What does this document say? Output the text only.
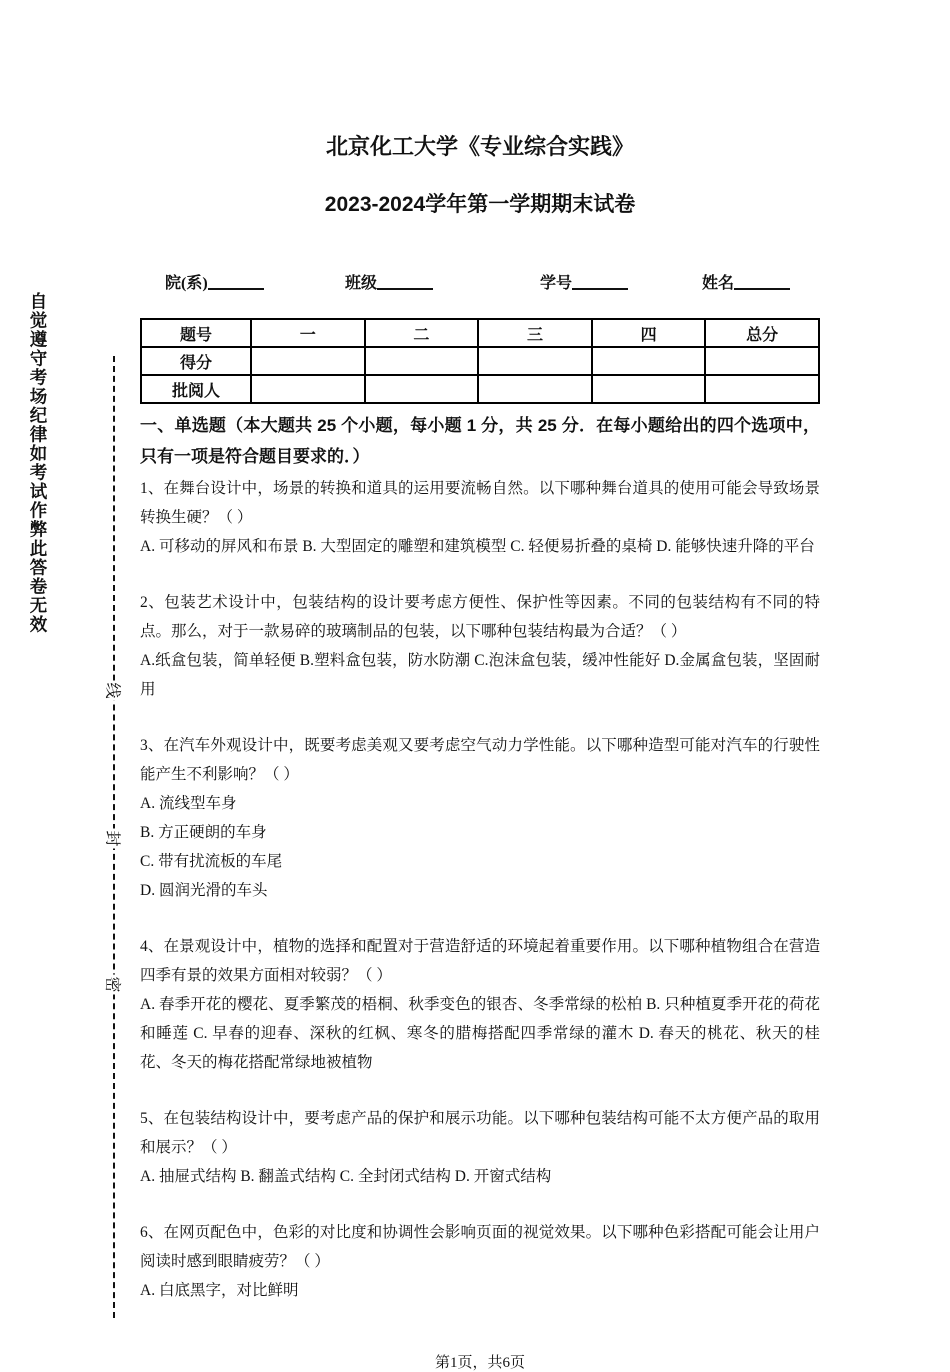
自觉遵守考场纪律如考试作弊此答卷无效
线
封
密
北京化工大学《专业综合实践》
2023-2024学年第一学期期末试卷
院(系)	班级	学号	姓名
题号	一	二	三	四	总分
得分					
批阅人					

一、单选题（本大题共 25 个小题，每小题 1 分，共 25 分．在每小题给出的四个选项中，只有一项是符合题目要求的．）

1、在舞台设计中，场景的转换和道具的运用要流畅自然。以下哪种舞台道具的使用可能会导致场景转换生硬？（ ）

A. 可移动的屏风和布景 B. 大型固定的雕塑和建筑模型 C. 轻便易折叠的桌椅 D. 能够快速升降的平台

2、包装艺术设计中，包装结构的设计要考虑方便性、保护性等因素。不同的包装结构有不同的特点。那么，对于一款易碎的玻璃制品的包装，以下哪种包装结构最为合适？（ ）

A.纸盒包装，简单轻便 B.塑料盒包装，防水防潮 C.泡沫盒包装，缓冲性能好 D.金属盒包装，坚固耐用

3、在汽车外观设计中，既要考虑美观又要考虑空气动力学性能。以下哪种造型可能对汽车的行驶性能产生不利影响？（ ）

A. 流线型车身

B. 方正硬朗的车身

C. 带有扰流板的车尾

D. 圆润光滑的车头

4、在景观设计中，植物的选择和配置对于营造舒适的环境起着重要作用。以下哪种植物组合在营造四季有景的效果方面相对较弱？（ ）

A. 春季开花的樱花、夏季繁茂的梧桐、秋季变色的银杏、冬季常绿的松柏 B. 只种植夏季开花的荷花和睡莲 C. 早春的迎春、深秋的红枫、寒冬的腊梅搭配四季常绿的灌木 D. 春天的桃花、秋天的桂花、冬天的梅花搭配常绿地被植物

5、在包装结构设计中，要考虑产品的保护和展示功能。以下哪种包装结构可能不太方便产品的取用和展示？（ ）

A. 抽屉式结构 B. 翻盖式结构 C. 全封闭式结构 D. 开窗式结构

6、在网页配色中，色彩的对比度和协调性会影响页面的视觉效果。以下哪种色彩搭配可能会让用户阅读时感到眼睛疲劳？（ ）

A. 白底黑字，对比鲜明

第1页，共6页
